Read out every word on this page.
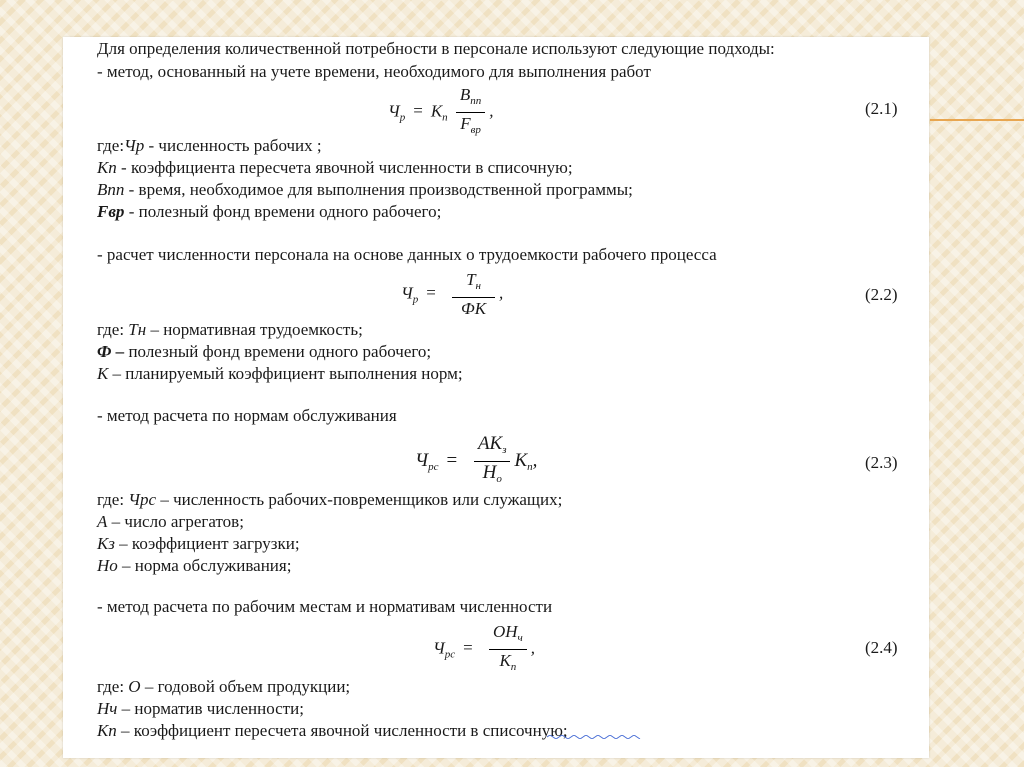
Для определения количественной потребности в персонале используют следующие подходы:
- метод, основанный на учете времени, необходимого для выполнения работ
$Ч_р = К_п \frac{В_{пп}}{F_{вр}}$ ,	(2.1)
где:Чр - численность рабочих ;
Кп - коэффициента пересчета явочной численности в списочную;
Впп - время, необходимое для выполнения производственной программы;
Fвр - полезный фонд времени одного рабочего;
- расчет численности персонала на основе данных о трудоемкости рабочего процесса
$Ч_р = \frac{Т_н}{ФК}$ ,	(2.2)
где: Тн – нормативная трудоемкость;
Ф – полезный фонд времени одного рабочего;
К – планируемый коэффициент выполнения норм;
- метод расчета по нормам обслуживания
$Ч_{рс} = \frac{АК_з}{Н_о} К_п$,	(2.3)
где: Чрс – численность рабочих-повременщиков или служащих;
А – число агрегатов;
Кз – коэффициент загрузки;
Но – норма обслуживания;
- метод расчета по рабочим местам и нормативам численности
$Ч_{рс} = \frac{ОН_ч}{К_п}$ ,	(2.4)
где: О – годовой объем продукции;
Нч – норматив численности;
Кп – коэффициент пересчета явочной численности в списочную;
